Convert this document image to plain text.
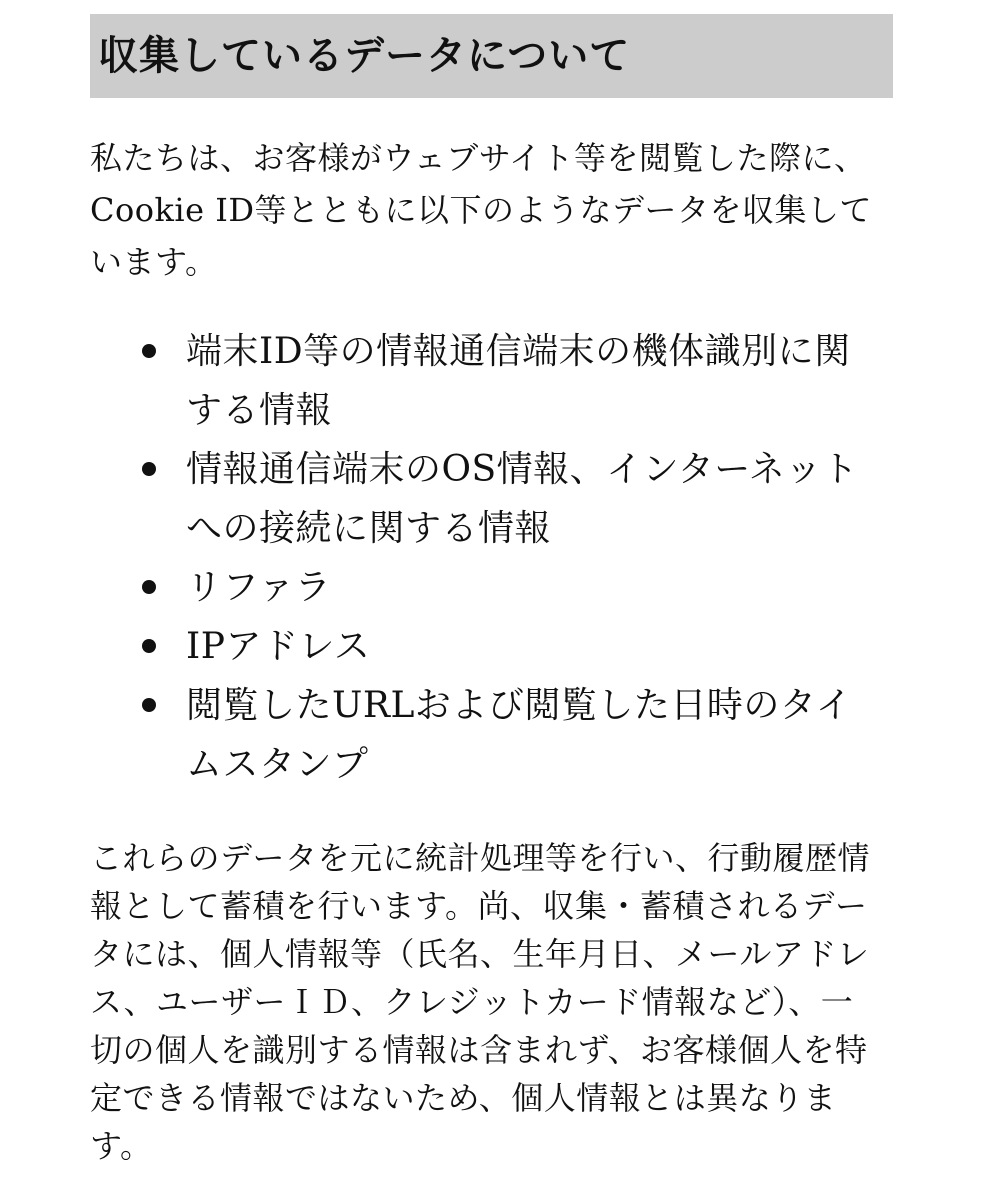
収集しているデータについて

私たちは、お客様がウェブサイト等を閲覧した際に、
Cookie ID等とともに以下のようなデータを収集して
います。

端末ID等の情報通信端末の機体識別に関
する情報
情報通信端末のOS情報、インターネット
への接続に関する情報
リファラ
IPアドレス
閲覧したURLおよび閲覧した日時のタイ
ムスタンプ

これらのデータを元に統計処理等を行い、行動履歴情
報として蓄積を行います。尚、収集・蓄積されるデー
タには、個人情報等（氏名、生年月日、メールアドレ
ス、ユーザーＩＤ、クレジットカード情報など）、一
切の個人を識別する情報は含まれず、お客様個人を特
定できる情報ではないため、個人情報とは異なりま
す。
